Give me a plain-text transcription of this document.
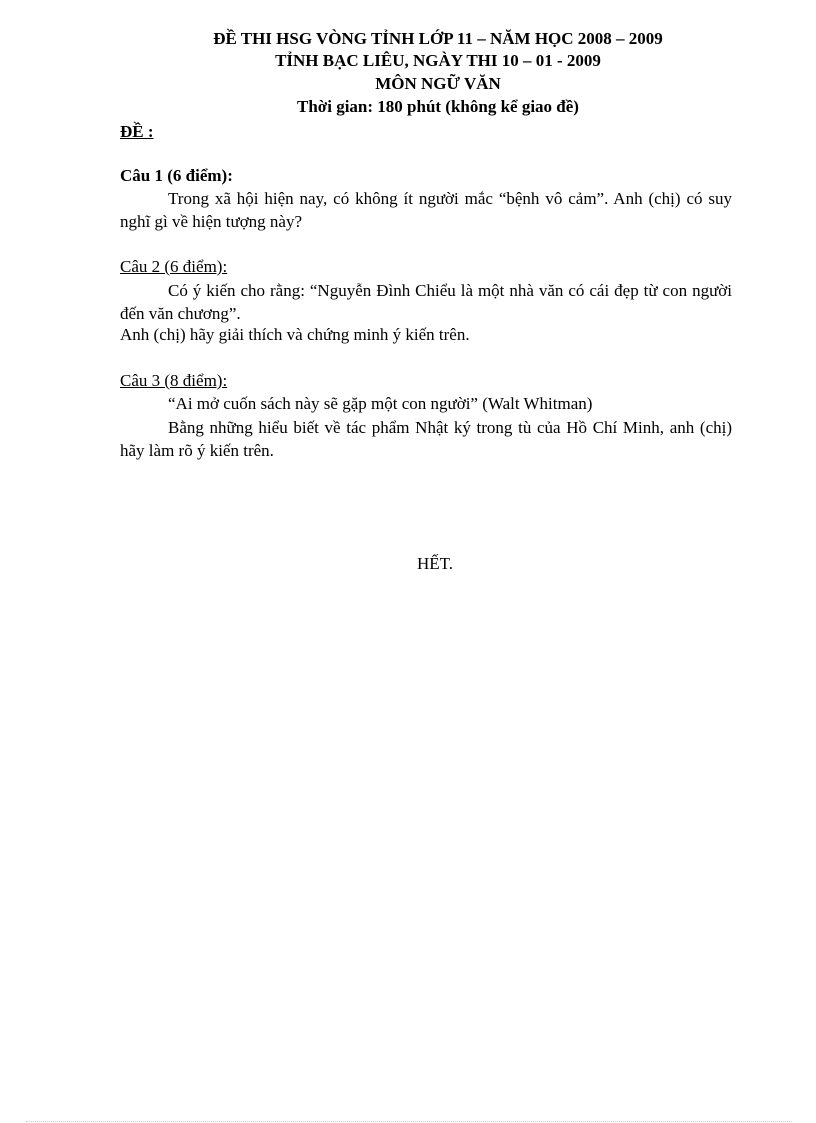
ĐỀ THI HSG VÒNG TỈNH LỚP 11 – NĂM HỌC 2008 – 2009
TỈNH BẠC LIÊU, NGÀY THI 10 – 01 - 2009
MÔN NGỮ VĂN
Thời gian: 180 phút (không kể giao đề)
ĐỀ :
Câu 1 (6 điểm):
Trong xã hội hiện nay, có không ít người mắc “bệnh vô cảm”. Anh (chị) có suy nghĩ gì về hiện tượng này?
Câu 2 (6 điểm):
Có ý kiến cho rằng: “Nguyễn Đình Chiểu là một nhà văn có cái đẹp từ con người đến văn chương”.
Anh (chị) hãy giải thích và chứng minh ý kiến trên.
Câu 3 (8 điểm):
“Ai mở cuốn sách này sẽ gặp một con người” (Walt Whitman)
Bằng những hiểu biết về tác phẩm Nhật ký trong tù của Hồ Chí Minh, anh (chị) hãy làm rõ ý kiến trên.
HẾT.
